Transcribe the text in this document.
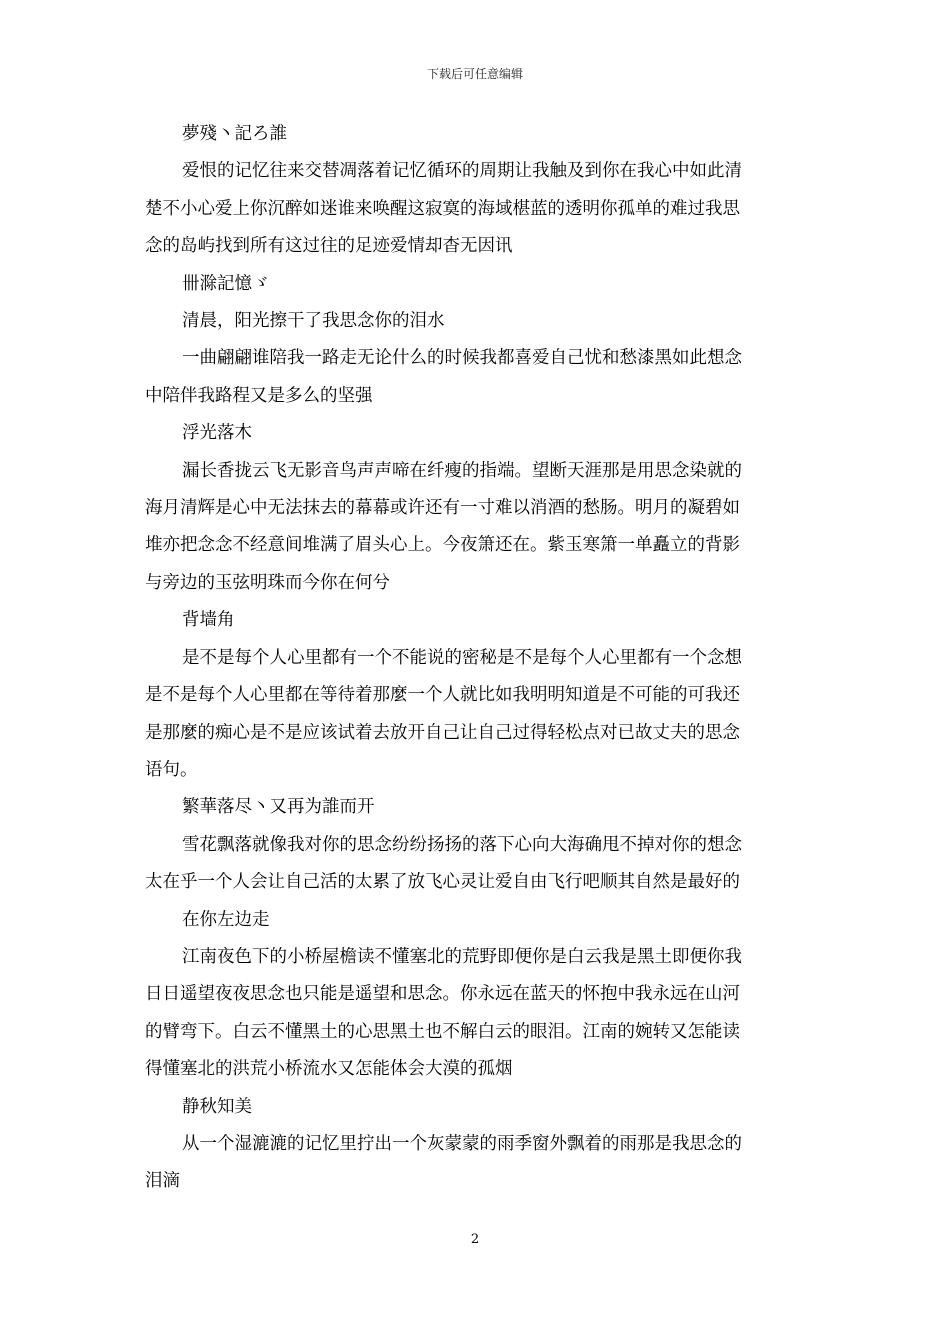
下载后可任意编辑
夢殘丶記ろ誰
爱恨的记忆往来交替凋落着记忆循环的周期让我触及到你在我心中如此清
楚不小心爱上你沉醉如迷谁来唤醒这寂寞的海域椹蓝的透明你孤单的难过我思
念的岛屿找到所有这过往的足迹爱情却杳无因讯
卌滁記憶ゞ
清晨，阳光擦干了我思念你的泪水
一曲翩翩谁陪我一路走无论什么的时候我都喜爱自己忧和愁漆黑如此想念
中陪伴我路程又是多么的坚强
浮光落木
漏长香拢云飞无影音鸟声声啼在纤瘦的指端。望断天涯那是用思念染就的
海月清辉是心中无法抹去的幕幕或许还有一寸难以消酒的愁肠。明月的凝碧如
堆亦把念念不经意间堆满了眉头心上。今夜箫还在。紫玉寒箫一单矗立的背影
与旁边的玉弦明珠而今你在何兮
背墙角
是不是每个人心里都有一个不能说的密秘是不是每个人心里都有一个念想
是不是每个人心里都在等待着那麼一个人就比如我明明知道是不可能的可我还
是那麼的痴心是不是应该试着去放开自己让自己过得轻松点对已故丈夫的思念
语句。
繁華落尽丶又再为誰而开
雪花飘落就像我对你的思念纷纷扬扬的落下心向大海确甩不掉对你的想念
太在乎一个人会让自己活的太累了放飞心灵让爱自由飞行吧顺其自然是最好的
在你左边走
江南夜色下的小桥屋檐读不懂塞北的荒野即便你是白云我是黑土即便你我
日日遥望夜夜思念也只能是遥望和思念。你永远在蓝天的怀抱中我永远在山河
的臂弯下。白云不懂黑土的心思黑土也不解白云的眼泪。江南的婉转又怎能读
得懂塞北的洪荒小桥流水又怎能体会大漠的孤烟
静秋知美
从一个湿漉漉的记忆里拧出一个灰蒙蒙的雨季窗外飘着的雨那是我思念的
泪滴
2
